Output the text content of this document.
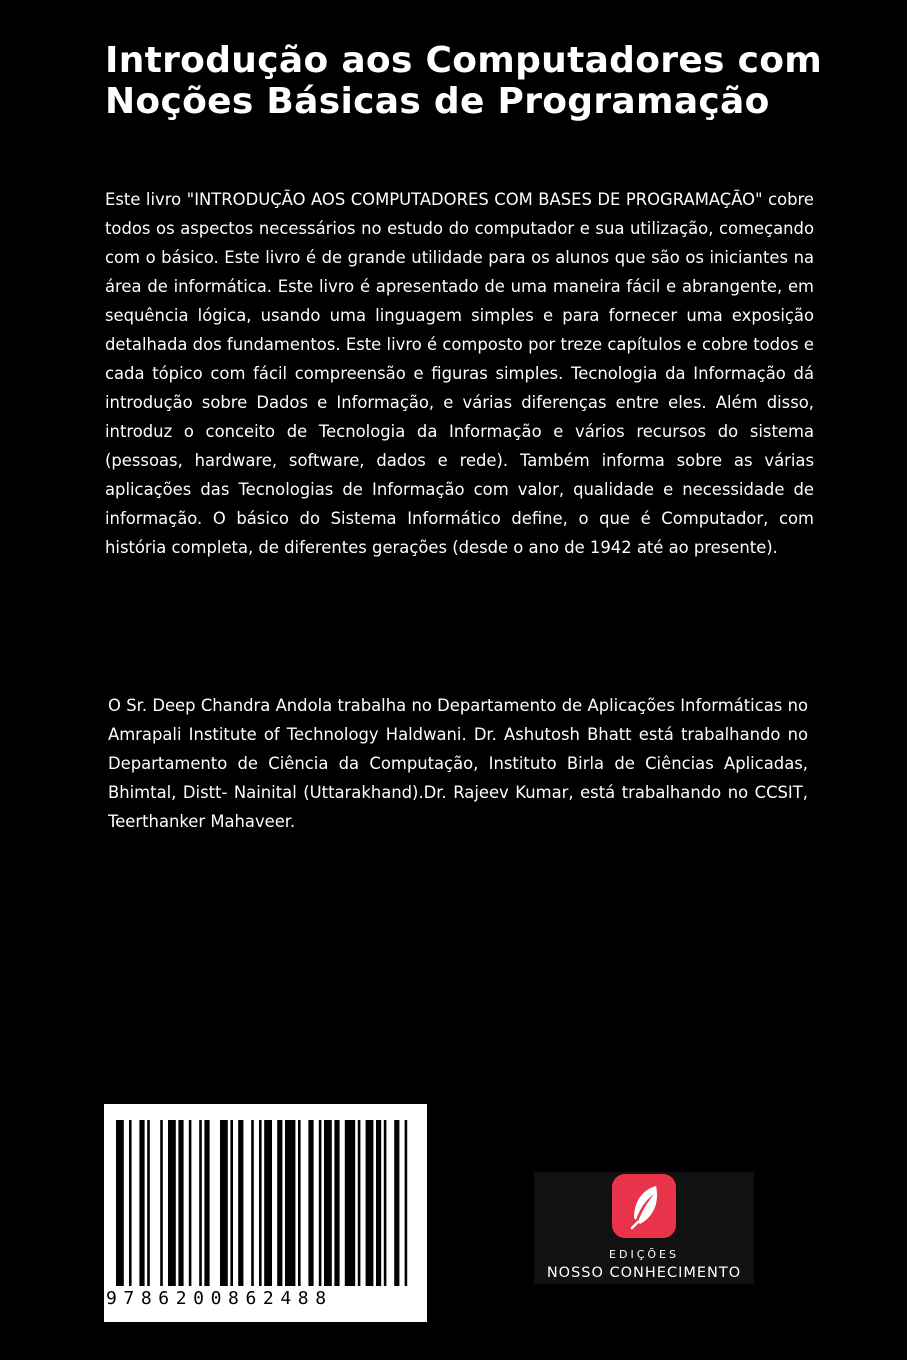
Introdução aos Computadores com Noções Básicas de Programação

Este livro "INTRODUÇÃO AOS COMPUTADORES COM BASES DE PROGRAMAÇÃO" cobre todos os aspectos necessários no estudo do computador e sua utilização, começando com o básico. Este livro é de grande utilidade para os alunos que são os iniciantes na área de informática. Este livro é apresentado de uma maneira fácil e abrangente, em sequência lógica, usando uma linguagem simples e para fornecer uma exposição detalhada dos fundamentos. Este livro é composto por treze capítulos e cobre todos e cada tópico com fácil compreensão e figuras simples. Tecnologia da Informação dá introdução sobre Dados e Informação, e várias diferenças entre eles. Além disso, introduz o conceito de Tecnologia da Informação e vários recursos do sistema (pessoas, hardware, software, dados e rede). Também informa sobre as várias aplicações das Tecnologias de Informação com valor, qualidade e necessidade de informação. O básico do Sistema Informático define, o que é Computador, com história completa, de diferentes gerações (desde o ano de 1942 até ao presente).

O Sr. Deep Chandra Andola trabalha no Departamento de Aplicações Informáticas no Amrapali Institute of Technology Haldwani. Dr. Ashutosh Bhatt está trabalhando no Departamento de Ciência da Computação, Instituto Birla de Ciências Aplicadas, Bhimtal, Distt- Nainital (Uttarakhand).Dr. Rajeev Kumar, está trabalhando no CCSIT, Teerthanker Mahaveer.

9786200862488
EDIÇÕES
NOSSO CONHECIMENTO
